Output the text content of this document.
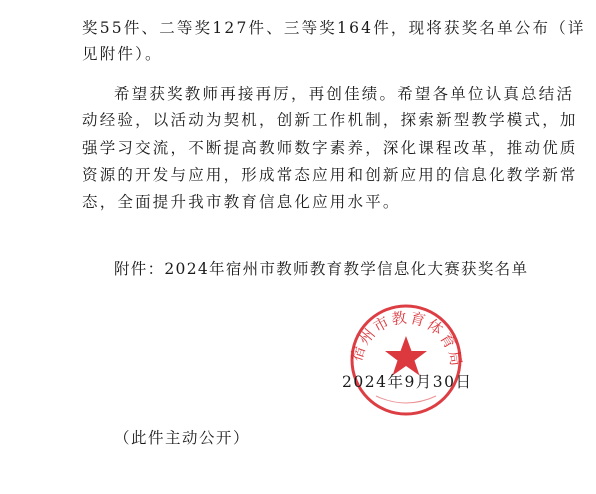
奖55件、二等奖127件、三等奖164件，现将获奖名单公布（详
见附件）。
希望获奖教师再接再厉，再创佳绩。希望各单位认真总结活
动经验，以活动为契机，创新工作机制，探索新型教学模式，加
强学习交流，不断提高教师数字素养，深化课程改革，推动优质
资源的开发与应用，形成常态应用和创新应用的信息化教学新常
态，全面提升我市教育信息化应用水平。
附件：2024年宿州市教师教育教学信息化大赛获奖名单
宿州市教育体育局
2024年9月30日
（此件主动公开）
